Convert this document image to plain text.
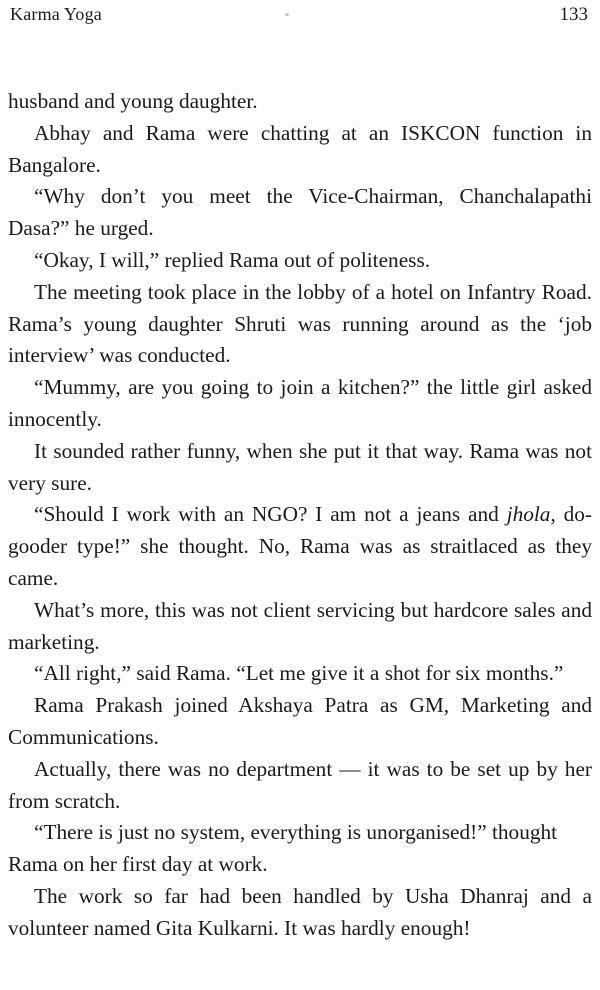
Karma Yoga	133

husband and young daughter.

Abhay and Rama were chatting at an ISKCON function in Bangalore.

“Why don’t you meet the Vice-Chairman, Chanchalapathi Dasa?” he urged.

“Okay, I will,” replied Rama out of politeness.

The meeting took place in the lobby of a hotel on Infantry Road. Rama’s young daughter Shruti was running around as the ‘job interview’ was conducted.

“Mummy, are you going to join a kitchen?” the little girl asked innocently.

It sounded rather funny, when she put it that way. Rama was not very sure.

“Should I work with an NGO? I am not a jeans and jhola, do-gooder type!” she thought. No, Rama was as straitlaced as they came.

What’s more, this was not client servicing but hardcore sales and marketing.

“All right,” said Rama. “Let me give it a shot for six months.”

Rama Prakash joined Akshaya Patra as GM, Marketing and Communications.

Actually, there was no department — it was to be set up by her from scratch.

“There is just no system, everything is unorganised!” thought Rama on her first day at work.

The work so far had been handled by Usha Dhanraj and a volunteer named Gita Kulkarni. It was hardly enough!
